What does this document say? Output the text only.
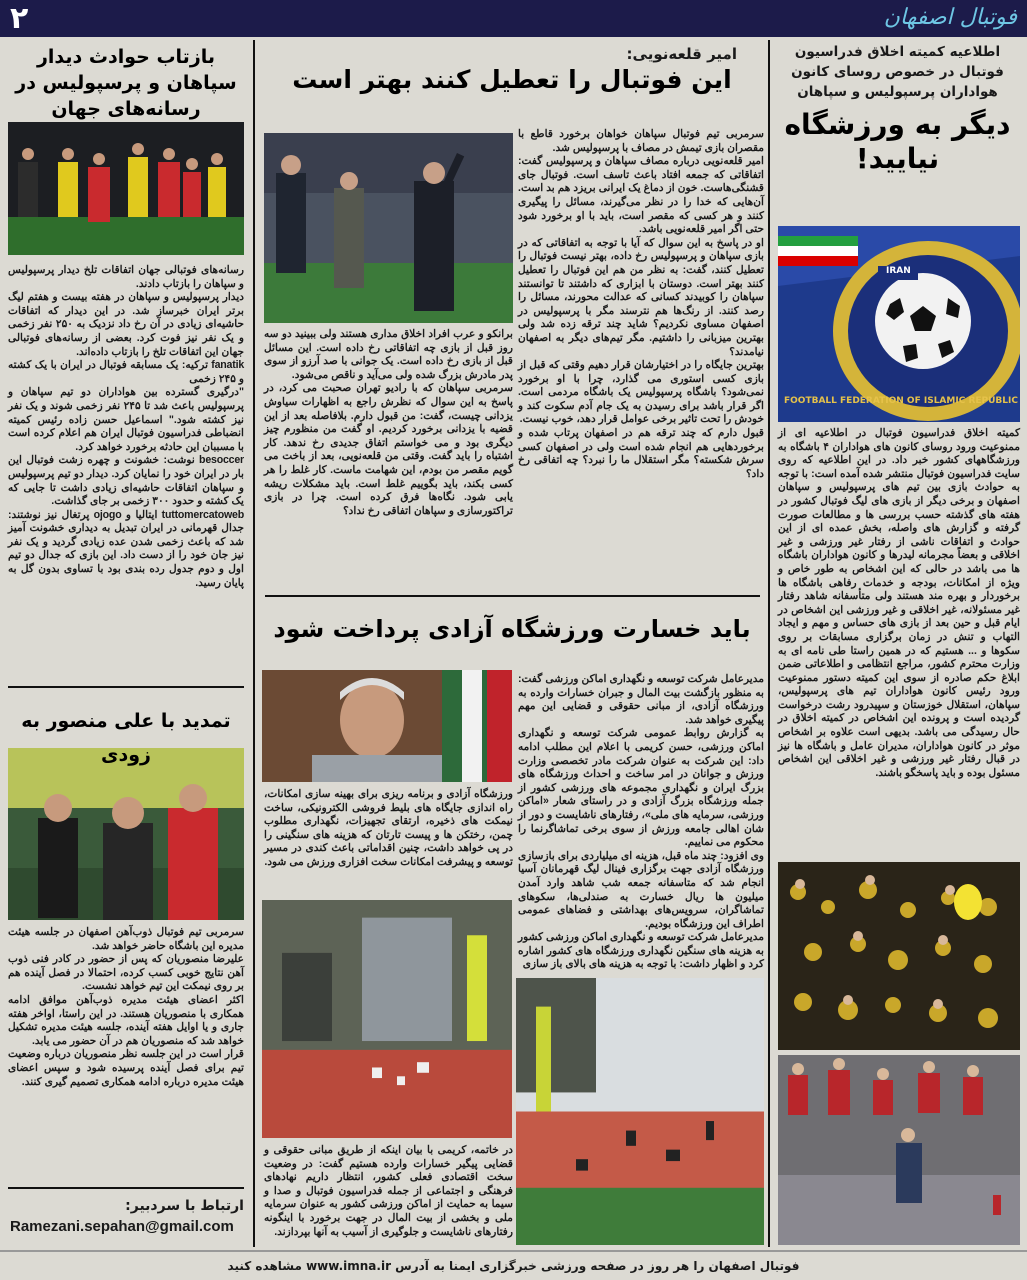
۲	فوتبال اصفهان
اطلاعیه کمیته اخلاق فدراسیون فوتبال در خصوص روسای کانون هواداران پرسپولیس و سپاهان
دیگر به ورزشگاه نیایید!
IRAN
FOOTBALL FEDERATION OF ISLAMIC REPUBLIC
کمیته اخلاق فدراسیون فوتبال در اطلاعیه ای از ممنوعیت ورود روسای کانون های هواداران ۴ باشگاه به ورزشگاههای کشور خبر داد. در این اطلاعیه که روی سایت فدراسیون فوتبال منتشر شده آمده است: با توجه به حوادث بازی بین تیم های پرسپولیس و سپاهان اصفهان و برخی دیگر از بازی های لیگ فوتبال کشور در هفته های گذشته حسب بررسی ها و مطالعات صورت گرفته و گزارش های واصله، بخش عمده ای از این حوادث و اتفاقات ناشی از رفتار غیر ورزشی و غیر اخلاقی و بعضاً مجرمانه لیدرها و کانون هواداران باشگاه ها می باشد در حالی که این اشخاص به طور خاص و ویژه از امکانات، بودجه و خدمات رفاهی باشگاه ها برخوردار و بهره مند هستند ولی متأسفانه شاهد رفتار غیر مسئولانه، غیر اخلاقی و غیر ورزشی این اشخاص در ایام قبل و حین بعد از بازی های حساس و مهم و ایجاد التهاب و تنش در زمان برگزاری مسابقات بر روی سکوها و ... هستیم که در همین راستا طی نامه ای به وزارت محترم کشور، مراجع انتظامی و اطلاعاتی ضمن ابلاغ حکم صادره از سوی این کمیته دستور ممنوعیت ورود رئیس کانون هواداران تیم های پرسپولیس، سپاهان، استقلال خوزستان و سپیدرود رشت درخواست گردیده است و پرونده این اشخاص در کمیته اخلاق در حال رسیدگی می باشد. بدیهی است علاوه بر اشخاص موثر در کانون هواداران، مدیران عامل و باشگاه ها نیز در قبال رفتار غیر ورزشی و غیر اخلاقی این اشخاص مسئول بوده و باید پاسخگو باشند.
امیر قلعه‌نویی:
این فوتبال را تعطیل کنند بهتر است
سرمربی تیم فوتبال سپاهان خواهان برخورد قاطع با مقصران بازی تیمش در مصاف با پرسپولیس شد.
امیر قلعه‌نویی درباره مصاف سپاهان و پرسپولیس گفت: اتفاقاتی که جمعه افتاد باعث تاسف است. فوتبال جای قشنگی‌هاست. خون از دماغ یک ایرانی بریزد هم بد است. آن‌هایی که خدا را در نظر می‌گیرند، مسائل را پیگیری کنند و هر کسی که مقصر است، باید با او برخورد شود حتی اگر امیر قلعه‌نویی باشد.
او در پاسخ به این سوال که آیا با توجه به اتفاقاتی که در بازی سپاهان و پرسپولیس رخ داده، بهتر نیست فوتبال را تعطیل کنند، گفت: به نظر من هم این فوتبال را تعطیل کنند بهتر است. دوستان با ابزاری که داشتند تا توانستند سپاهان را کوبیدند کسانی که عدالت محورند، مسائل را رصد کنند. از رنگ‌ها هم نترسند مگر با پرسپولیس در اصفهان مساوی نکردیم؟ شاید چند ترقه زده شد ولی بهترین میزبانی را داشتیم. مگر تیم‌های دیگر به اصفهان نیامدند؟
بهترین جایگاه را در اختیارشان قرار دهیم وقتی که قبل از بازی کسی استوری می گذارد، چرا با او برخورد نمی‌شود؟ باشگاه پرسپولیس یک باشگاه مردمی است. اگر قرار باشد برای رسیدن به یک جام آدم سکوت کند و خودش را تحت تاثیر برخی عوامل قرار دهد، خوب نیست.
قبول دارم که چند ترقه هم در اصفهان پرتاب شده و برخوردهایی هم انجام شده است ولی در اصفهان کسی سرش شکسته؟ مگر استقلال ما را نبرد؟ چه اتفاقی رخ داد؟
برانکو و عرب افراد اخلاق مداری هستند ولی ببینید دو سه روز قبل از بازی چه اتفاقاتی رخ داده است. این مسائل قبل از بازی رخ داده است. یک جوانی با صد آرزو از سوی پدر مادرش بزرگ شده ولی می‌آید و ناقص می‌شود.
سرمربی سپاهان که با رادیو تهران صحبت می کرد، در پاسخ به این سوال که نظرش راجع به اظهارات سیاوش یزدانی چیست، گفت: من قبول دارم. بلافاصله بعد از این قضیه با یزدانی برخورد کردیم. او گفت من منظورم چیز دیگری بود و می خواستم اتفاق جدیدی رخ ندهد. کار اشتباه را باید گفت. وقتی من قلعه‌نویی، بعد از باخت می گویم مقصر من بودم، این شهامت ماست. کار غلط را هر کسی بکند، باید بگوییم غلط است. باید مشکلات ریشه یابی شود. نگاه‌ها فرق کرده است. چرا در بازی تراکتورسازی و سپاهان اتفاقی رخ نداد؟
باید خسارت ورزشگاه آزادی پرداخت شود
مدیرعامل شرکت توسعه و نگهداری اماکن ورزشی گفت: به منظور بازگشت بیت المال و جبران خسارات وارده به ورزشگاه آزادی، از مبانی حقوقی و قضایی این مهم پیگیری خواهد شد.
به گزارش روابط عمومی شرکت توسعه و نگهداری اماکن ورزشی، حسن کریمی با اعلام این مطلب ادامه داد: این شرکت به عنوان شرکت مادر تخصصی وزارت ورزش و جوانان در امر ساخت و احداث ورزشگاه های بزرگ ایران و نگهداری مجموعه های ورزشی کشور از جمله ورزشگاه بزرگ آزادی و در راستای شعار «اماکن ورزشی، سرمایه های ملی»، رفتارهای ناشایست و دور از شان اهالی جامعه ورزش از سوی برخی تماشاگرنما را محکوم می نماییم.
وی افزود: چند ماه قبل، هزینه ای میلیاردی برای بازسازی ورزشگاه آزادی جهت برگزاری فینال لیگ قهرمانان آسیا انجام شد که متاسفانه جمعه شب شاهد وارد آمدن میلیون ها ریال خسارت به صندلی‌ها، سکوهای تماشاگران، سرویس‌های بهداشتی و فضاهای عمومی اطراف این ورزشگاه بودیم.
مدیرعامل شرکت توسعه و نگهداری اماکن ورزشی کشور به هزینه های سنگین نگهداری ورزشگاه های کشور اشاره کرد و اظهار داشت: با توجه به هزینه های بالای باز سازی
ورزشگاه آزادی و برنامه ریزی برای بهینه سازی امکانات، راه اندازی جایگاه های بلیط فروشی الکترونیکی، ساخت نیمکت های ذخیره، ارتقای تجهیزات، نگهداری مطلوب چمن، رختکن ها و پیست تارتان که هزینه های سنگینی را در پی خواهد داشت، چنین اقداماتی باعث کندی در مسیر توسعه و پیشرفت امکانات سخت افزاری ورزش می شود.
در خاتمه، کریمی با بیان اینکه از طریق مبانی حقوقی و قضایی پیگیر خسارات وارده هستیم گفت: در وضعیت سخت اقتصادی فعلی کشور، انتظار داریم نهادهای فرهنگی و اجتماعی از جمله فدراسیون فوتبال و صدا و سیما به حمایت از اماکن ورزشی کشور به عنوان سرمایه ملی و بخشی از بیت المال در جهت برخورد با اینگونه رفتارهای ناشایست و جلوگیری از آسیب به آنها بپردازند.
بازتاب حوادث دیدار سپاهان و پرسپولیس در رسانه‌های جهان
رسانه‌های فوتبالی جهان اتفاقات تلخ دیدار پرسپولیس و سپاهان را بازتاب دادند.
دیدار پرسپولیس و سپاهان در هفته بیست و هفتم لیگ برتر ایران خبرساز شد. در این دیدار که اتفاقات حاشیه‌ای زیادی در آن رخ داد نزدیک به ۲۵۰ نفر زخمی و یک نفر نیز فوت کرد. بعضی از رسانه‌های فوتبالی جهان این اتفاقات تلخ را بازتاب داده‌اند.
fanatik ترکیه: یک مسابقه فوتبال در ایران با یک کشته و ۲۴۵ زخمی
"درگیری گسترده بین هواداران دو تیم سپاهان و پرسپولیس باعث شد تا ۲۴۵ نفر زخمی شوند و یک نفر نیز کشته شود." اسماعیل حسن زاده رئیس کمیته انضباطی فدراسیون فوتبال ایران هم اعلام کرده است با مسببان این حادثه برخورد خواهد کرد.
besoccer نوشت: خشونت و چهره زشت فوتبال این بار در ایران خود را نمایان کرد. دیدار دو تیم پرسپولیس و سپاهان اتفاقات حاشیه‌ای زیادی داشت تا جایی که یک کشته و حدود ۳۰۰ زخمی بر جای گذاشت.
tuttomercatoweb ایتالیا و ojogo پرتغال نیز نوشتند: جدال قهرمانی در ایران تبدیل به دیداری خشونت آمیز شد که باعث زخمی شدن عده زیادی گردید و یک نفر نیز جان خود را از دست داد. این بازی که جدال دو تیم اول و دوم جدول رده بندی بود با تساوی بدون گل به پایان رسید.
تمدید با علی منصور به زودی
سرمربی تیم فوتبال ذوب‌آهن اصفهان در جلسه هیئت مدیره این باشگاه حاضر خواهد شد.
علیرضا منصوریان که پس از حضور در کادر فنی ذوب آهن نتایج خوبی کسب کرده، احتمالا در فصل آینده هم بر روی نیمکت این تیم خواهد نشست.
اکثر اعضای هیئت مدیره ذوب‌آهن موافق ادامه همکاری با منصوریان هستند. در این راستا، اواخر هفته جاری و یا اوایل هفته آینده، جلسه هیئت مدیره تشکیل خواهد شد که منصوریان هم در آن حضور می یابد.
قرار است در این جلسه نظر منصوریان درباره وضعیت تیم برای فصل آینده پرسیده شود و سپس اعضای هیئت مدیره درباره ادامه همکاری تصمیم گیری کنند.
ارتباط با سردبیر:
Ramezani.sepahan@gmail.com
فوتبال اصفهان را هر روز در صفحه ورزشی خبرگزاری ایمنا به آدرس www.imna.ir مشاهده کنید
